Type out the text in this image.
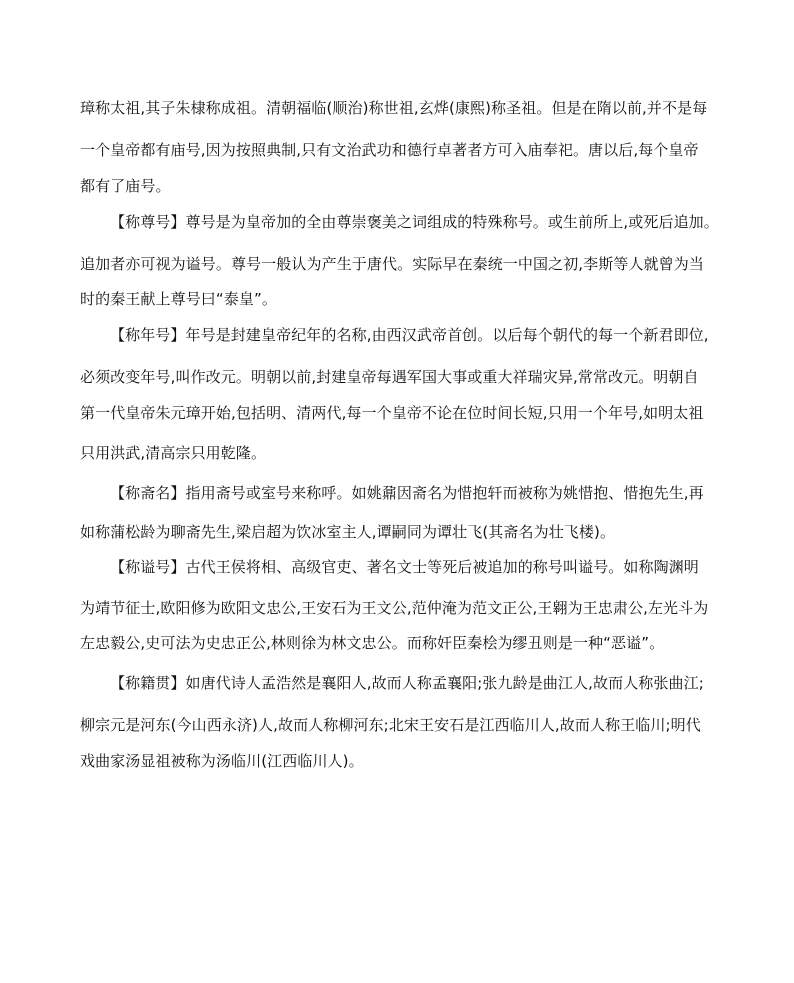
璋称太祖,其子朱棣称成祖。清朝福临(顺治)称世祖,玄烨(康熙)称圣祖。但是在隋以前,并不是每

一个皇帝都有庙号,因为按照典制,只有文治武功和德行卓著者方可入庙奉祀。唐以后,每个皇帝

都有了庙号。

【称尊号】尊号是为皇帝加的全由尊崇褒美之词组成的特殊称号。或生前所上,或死后追加。

追加者亦可视为谥号。尊号一般认为产生于唐代。实际早在秦统一中国之初,李斯等人就曾为当

时的秦王献上尊号曰“泰皇”。

【称年号】年号是封建皇帝纪年的名称,由西汉武帝首创。以后每个朝代的每一个新君即位,

必须改变年号,叫作改元。明朝以前,封建皇帝每遇军国大事或重大祥瑞灾异,常常改元。明朝自

第一代皇帝朱元璋开始,包括明、清两代,每一个皇帝不论在位时间长短,只用一个年号,如明太祖

只用洪武,清高宗只用乾隆。

【称斋名】指用斋号或室号来称呼。如姚鼐因斋名为惜抱轩而被称为姚惜抱、惜抱先生,再

如称蒲松龄为聊斋先生,梁启超为饮冰室主人,谭嗣同为谭壮飞(其斋名为壮飞楼)。

【称谥号】古代王侯将相、高级官吏、著名文士等死后被追加的称号叫谥号。如称陶渊明

为靖节征士,欧阳修为欧阳文忠公,王安石为王文公,范仲淹为范文正公,王翱为王忠肃公,左光斗为

左忠毅公,史可法为史忠正公,林则徐为林文忠公。而称奸臣秦桧为缪丑则是一种“恶谥”。

【称籍贯】如唐代诗人孟浩然是襄阳人,故而人称孟襄阳;张九龄是曲江人,故而人称张曲江;

柳宗元是河东(今山西永济)人,故而人称柳河东;北宋王安石是江西临川人,故而人称王临川;明代

戏曲家汤显祖被称为汤临川(江西临川人)。
